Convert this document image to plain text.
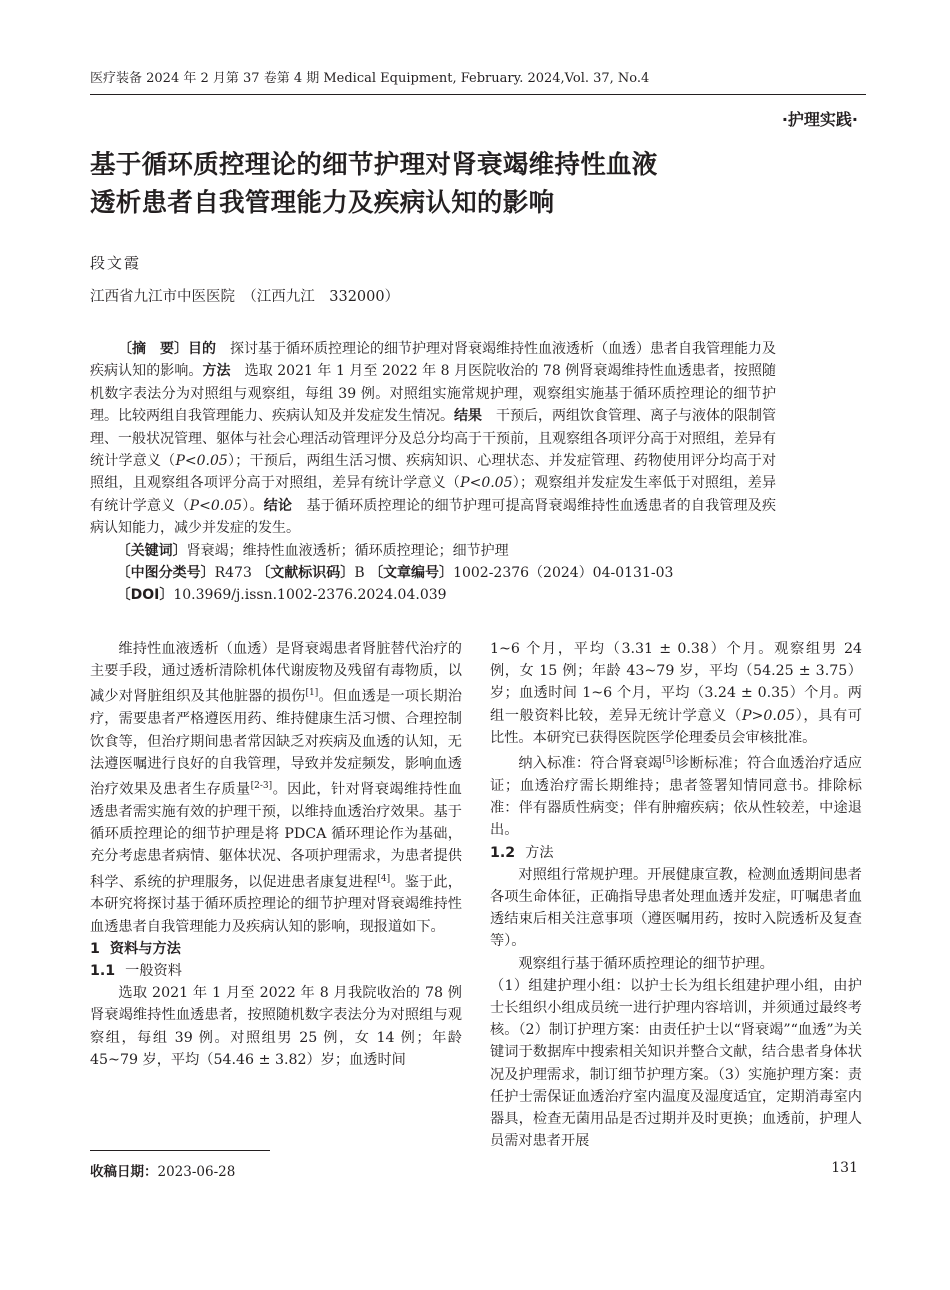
医疗装备 2024 年 2 月第 37 卷第 4 期 Medical Equipment, February. 2024,Vol. 37, No.4
·护理实践·
基于循环质控理论的细节护理对肾衰竭维持性血液
透析患者自我管理能力及疾病认知的影响
段文霞
江西省九江市中医医院　（江西九江　332000）

〔摘　要〕目的　探讨基于循环质控理论的细节护理对肾衰竭维持性血液透析（血透）患者自我管理能力及疾病认知的影响。方法　选取 2021 年 1 月至 2022 年 8 月医院收治的 78 例肾衰竭维持性血透患者，按照随机数字表法分为对照组与观察组，每组 39 例。对照组实施常规护理，观察组实施基于循环质控理论的细节护理。比较两组自我管理能力、疾病认知及并发症发生情况。结果　干预后，两组饮食管理、离子与液体的限制管理、一般状况管理、躯体与社会心理活动管理评分及总分均高于干预前，且观察组各项评分高于对照组，差异有统计学意义（P<0.05）；干预后，两组生活习惯、疾病知识、心理状态、并发症管理、药物使用评分均高于对照组，且观察组各项评分高于对照组，差异有统计学意义（P<0.05）；观察组并发症发生率低于对照组，差异有统计学意义（P<0.05）。结论　基于循环质控理论的细节护理可提高肾衰竭维持性血透患者的自我管理及疾病认知能力，减少并发症的发生。

〔关键词〕肾衰竭；维持性血液透析；循环质控理论；细节护理

〔中图分类号〕R473 〔文献标识码〕B 〔文章编号〕1002-2376（2024）04-0131-03

〔DOI〕10.3969/j.issn.1002-2376.2024.04.039

维持性血液透析（血透）是肾衰竭患者肾脏替代治疗的主要手段，通过透析清除机体代谢废物及残留有毒物质，以减少对肾脏组织及其他脏器的损伤[1]。但血透是一项长期治疗，需要患者严格遵医用药、维持健康生活习惯、合理控制饮食等，但治疗期间患者常因缺乏对疾病及血透的认知，无法遵医嘱进行良好的自我管理，导致并发症频发，影响血透治疗效果及患者生存质量[2-3]。因此，针对肾衰竭维持性血透患者需实施有效的护理干预，以维持血透治疗效果。基于循环质控理论的细节护理是将 PDCA 循环理论作为基础，充分考虑患者病情、躯体状况、各项护理需求，为患者提供科学、系统的护理服务，以促进患者康复进程[4]。鉴于此，本研究将探讨基于循环质控理论的细节护理对肾衰竭维持性血透患者自我管理能力及疾病认知的影响，现报道如下。

1 资料与方法
1.1 一般资料

选取 2021 年 1 月至 2022 年 8 月我院收治的 78 例肾衰竭维持性血透患者，按照随机数字表法分为对照组与观察组，每组 39 例。对照组男 25 例，女 14 例；年龄 45~79 岁，平均（54.46 ± 3.82）岁；血透时间

1~6 个月，平均（3.31 ± 0.38）个月。观察组男 24 例，女 15 例；年龄 43~79 岁，平均（54.25 ± 3.75）岁；血透时间 1~6 个月，平均（3.24 ± 0.35）个月。两组一般资料比较，差异无统计学意义（P>0.05），具有可比性。本研究已获得医院医学伦理委员会审核批准。

纳入标准：符合肾衰竭[5]诊断标准；符合血透治疗适应证；血透治疗需长期维持；患者签署知情同意书。排除标准：伴有器质性病变；伴有肿瘤疾病；依从性较差，中途退出。

1.2 方法

对照组行常规护理。开展健康宣教，检测血透期间患者各项生命体征，正确指导患者处理血透并发症，叮嘱患者血透结束后相关注意事项（遵医嘱用药，按时入院透析及复查等）。

观察组行基于循环质控理论的细节护理。

（1）组建护理小组：以护士长为组长组建护理小组，由护士长组织小组成员统一进行护理内容培训，并须通过最终考核。（2）制订护理方案：由责任护士以“肾衰竭”“血透”为关键词于数据库中搜索相关知识并整合文献，结合患者身体状况及护理需求，制订细节护理方案。（3）实施护理方案：责任护士需保证血透治疗室内温度及湿度适宜，定期消毒室内器具，检查无菌用品是否过期并及时更换；血透前，护理人员需对患者开展

收稿日期：2023-06-28	131
